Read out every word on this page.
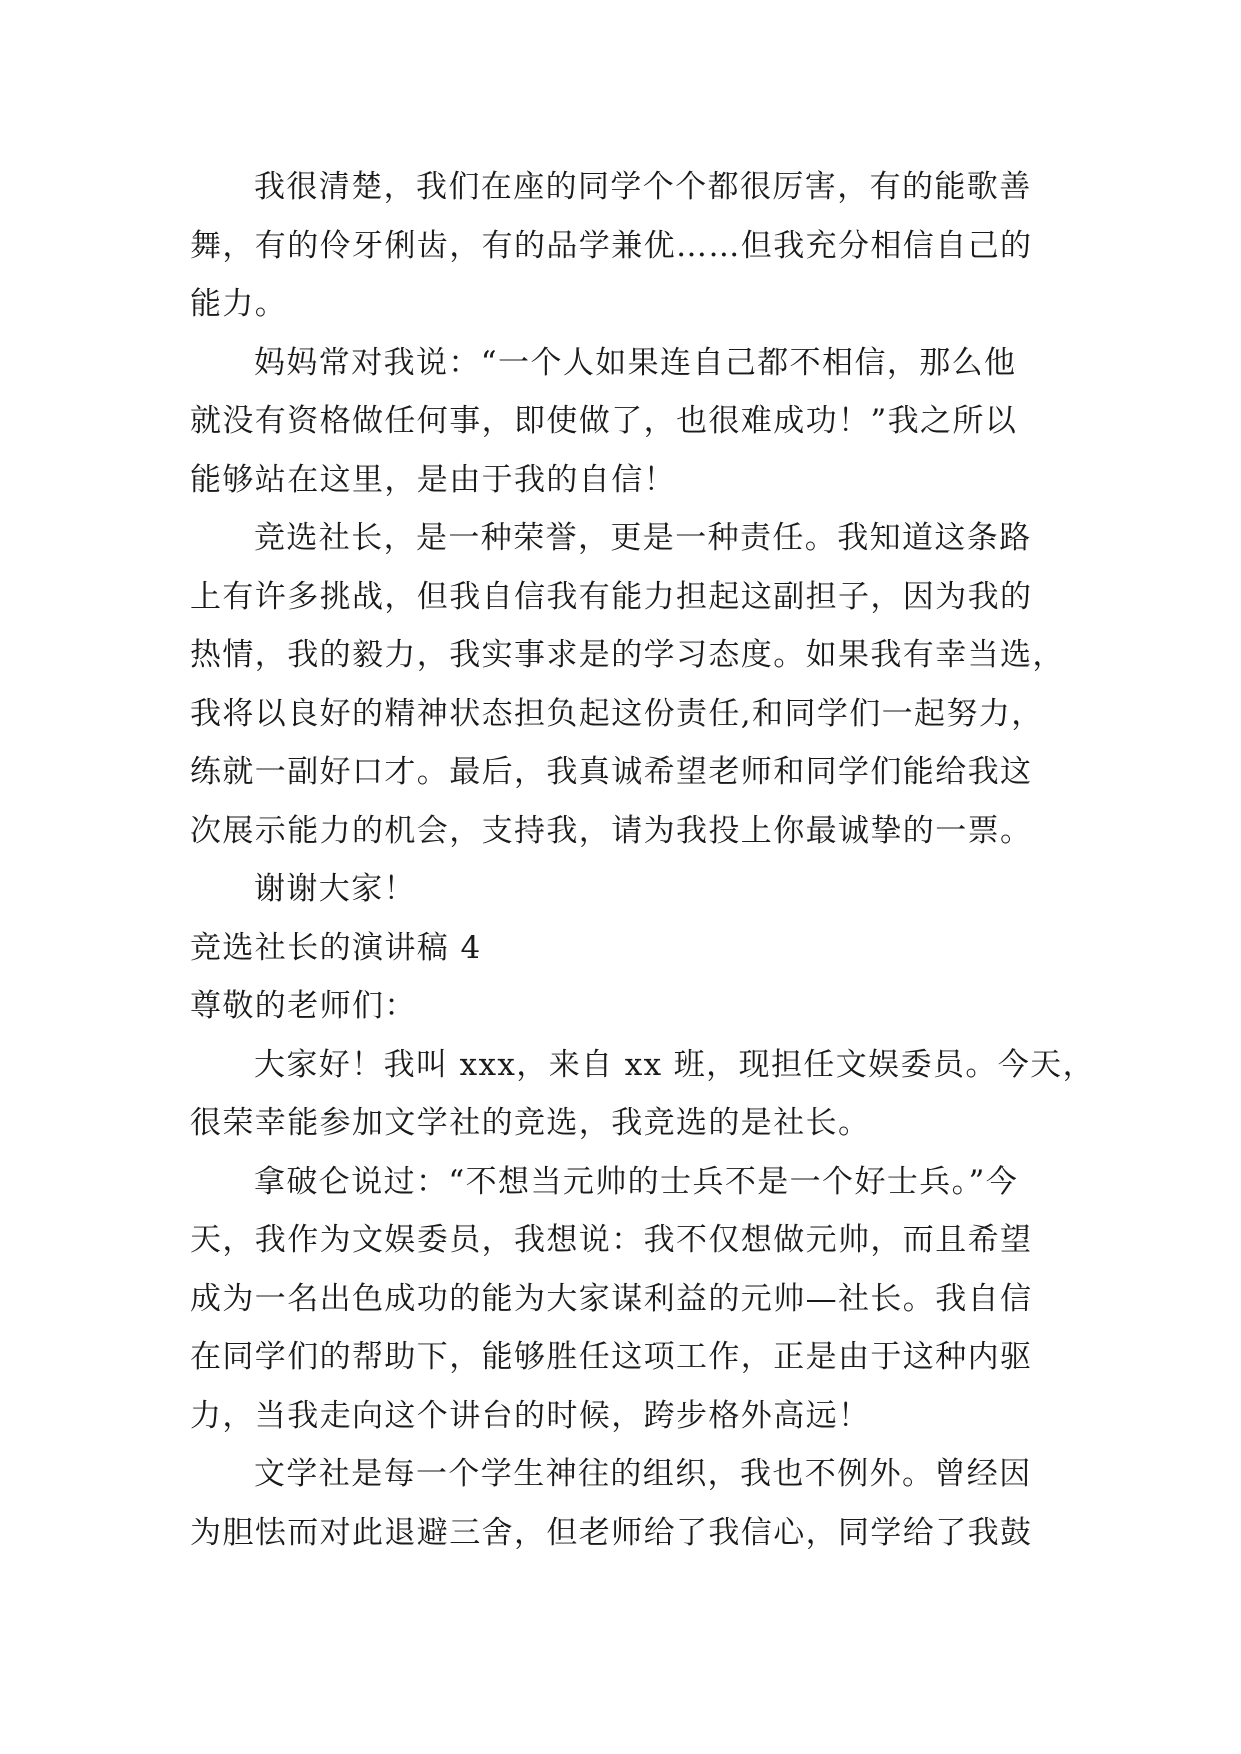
我很清楚，我们在座的同学个个都很厉害，有的能歌善
舞，有的伶牙俐齿，有的品学兼优……但我充分相信自己的
能力。
妈妈常对我说：“一个人如果连自己都不相信，那么他
就没有资格做任何事，即使做了，也很难成功！”我之所以
能够站在这里，是由于我的自信！
竞选社长，是一种荣誉，更是一种责任。我知道这条路
上有许多挑战，但我自信我有能力担起这副担子，因为我的
热情，我的毅力，我实事求是的学习态度。如果我有幸当选，
我将以良好的精神状态担负起这份责任,和同学们一起努力，
练就一副好口才。最后，我真诚希望老师和同学们能给我这
次展示能力的机会，支持我，请为我投上你最诚挚的一票。
谢谢大家！
竞选社长的演讲稿 4
尊敬的老师们：
大家好！我叫 xxx，来自 xx 班，现担任文娱委员。今天，
很荣幸能参加文学社的竞选，我竞选的是社长。
拿破仑说过：“不想当元帅的士兵不是一个好士兵。”今
天，我作为文娱委员，我想说：我不仅想做元帅，而且希望
成为一名出色成功的能为大家谋利益的元帅—社长。我自信
在同学们的帮助下，能够胜任这项工作，正是由于这种内驱
力，当我走向这个讲台的时候，跨步格外高远！
文学社是每一个学生神往的组织，我也不例外。曾经因
为胆怯而对此退避三舍，但老师给了我信心，同学给了我鼓
